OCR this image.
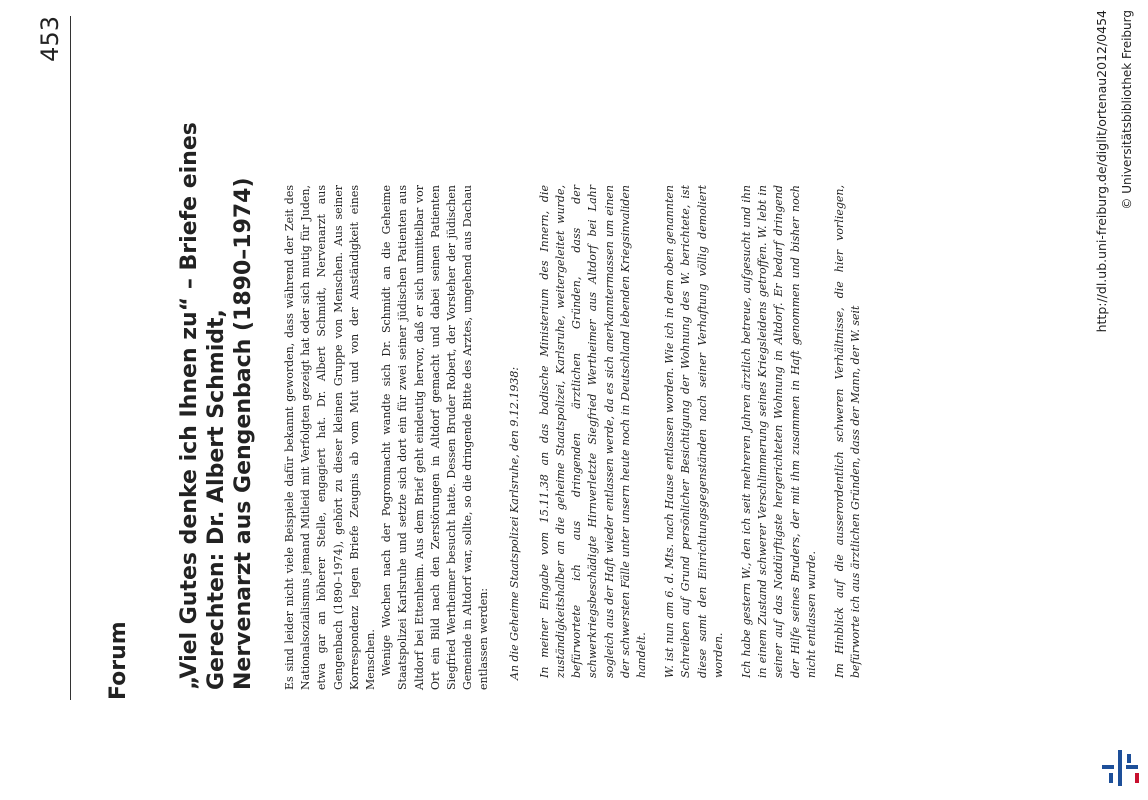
453
Forum „Viel Gutes denke ich Ihnen zu“ – Briefe eines Gerechten: Dr. Albert Schmidt, Nervenarzt aus Gengenbach (1890–1974) Es sind leider nicht viele Beispiele dafür bekannt geworden, dass während der Zeit des Nationalsozialismus jemand Mitleid mit Verfolgten gezeigt hat oder sich mutig für Juden, etwa gar an höherer Stelle, engagiert hat. Dr. Albert Schmidt, Nervenarzt aus Gengenbach (1890–1974), gehört zu dieser kleinen Gruppe von Menschen. Aus seiner Korrespondenz legen Briefe Zeugnis ab vom Mut und von der Anständigkeit eines Menschen. Wenige Wochen nach der Pogromnacht wandte sich Dr. Schmidt an die Geheime Staatspolizei Karlsruhe und setzte sich dort ein für zwei seiner jüdischen Patienten aus Altdorf bei Ettenheim. Aus dem Brief geht eindeutig hervor, daß er sich unmittelbar vor Ort ein Bild nach den Zerstörungen in Altdorf gemacht und dabei seinen Patienten Siegfried Wertheimer besucht hatte. Dessen Bruder Robert, der Vorsteher der jüdischen Gemeinde in Altdorf war, sollte, so die dringende Bitte des Arztes, umgehend aus Dachau entlassen werden: An die Geheime Staatspolizei Karlsruhe, den 9.12.1938: In meiner Eingabe vom 15.11.38 an das badische Ministerium des Innern, die zuständigkeitshalber an die geheime Staatspolizei, Karlsruhe, weitergeleitet wurde, befürwortete ich aus dringenden ärztlichen Gründen, dass der schwerkriegsbeschädigte Hirnverletzte Siegfried Wertheimer aus Altdorf bei Lahr sogleich aus der Haft wieder entlassen werde, da es sich anerkanntermassen um einen der schwersten Fälle unter unsern heute noch in Deutschland lebenden Kriegsinvaliden handelt. W. ist nun am 6. d. Mts. nach Hause entlassen worden. Wie ich in dem oben genannten Schreiben auf Grund persönlicher Besichtigung der Wohnung des W. berichtete, ist diese samt den Einrichtungsgegenständen nach seiner Verhaftung völlig demoliert worden. Ich habe gestern W., den ich seit mehreren Jahren ärztlich betreue, aufgesucht und ihn in einem Zustand schwerer Verschlimmerung seines Kriegsleidens getroffen. W. lebt in seiner auf das Notdürftigste hergerichteten Wohnung in Altdorf. Er bedarf dringend der Hilfe seines Bruders, der mit ihm zusammen in Haft genommen und bisher noch nicht entlassen wurde. Im Hinblick auf die ausserordentlich schweren Verhältnisse, die hier vorliegen, befürworte ich aus ärztlichen Gründen, dass der Mann, der W. seit

http://dl.ub.uni-freiburg.de/diglit/ortenau2012/0454 © Universitätsbibliothek Freiburg
